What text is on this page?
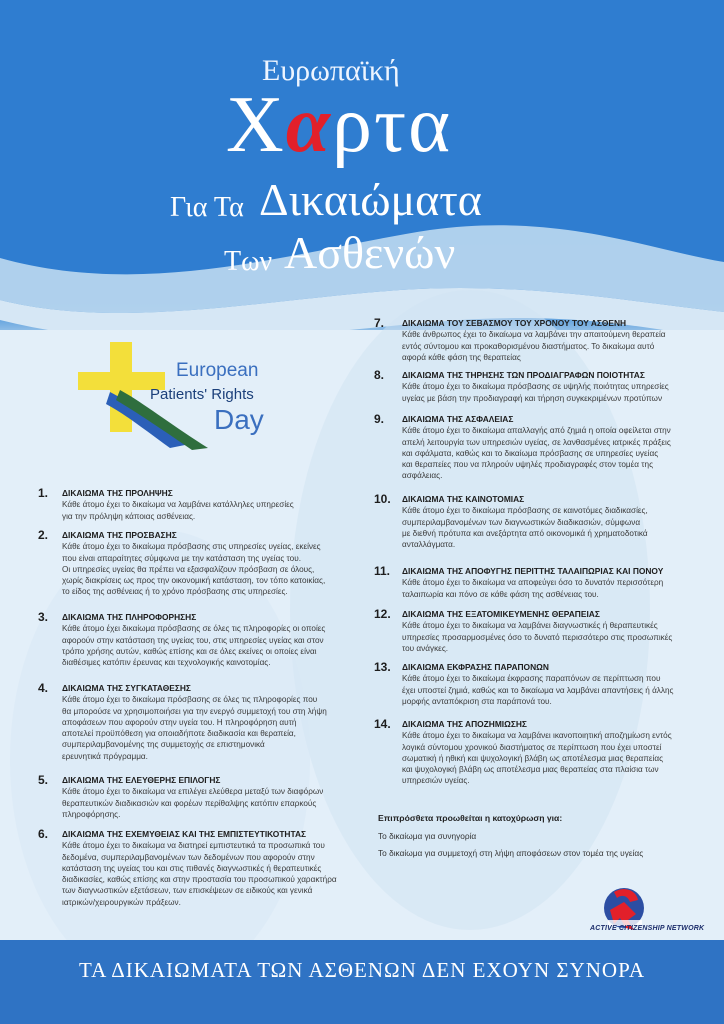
Ευρωπαϊκή
Χαρτα
Για Τα Δικαιώματα
Των Ασθενών
European
Patients' Rights
Day
1. ΔΙΚΑΙΩΜΑ ΤΗΣ ΠΡΟΛΗΨΗΣ
Κάθε άτομο έχει το δικαίωμα να λαμβάνει κατάλληλες υπηρεσίες
για την πρόληψη κάποιας ασθένειας.
2. ΔΙΚΑΙΩΜΑ ΤΗΣ ΠΡΟΣΒΑΣΗΣ
Κάθε άτομο έχει το δικαίωμα πρόσβασης στις υπηρεσίες υγείας, εκείνες
που είναι απαραίτητες σύμφωνα με την κατάσταση της υγείας του.
Οι υπηρεσίες υγείας θα πρέπει να εξασφαλίζουν πρόσβαση σε όλους,
χωρίς διακρίσεις ως προς την οικονομική κατάσταση, τον τόπο κατοικίας,
το είδος της ασθένειας ή το χρόνο πρόσβασης στις υπηρεσίες.
3. ΔΙΚΑΙΩΜΑ ΤΗΣ ΠΛΗΡΟΦΟΡΗΣΗΣ
Κάθε άτομο έχει δικαίωμα πρόσβασης σε όλες τις πληροφορίες οι οποίες
αφορούν στην κατάσταση της υγείας του, στις υπηρεσίες υγείας και στον
τρόπο χρήσης αυτών, καθώς επίσης και σε όλες εκείνες οι οποίες είναι
διαθέσιμες κατόπιν έρευνας και τεχνολογικής καινοτομίας.
4. ΔΙΚΑΙΩΜΑ ΤΗΣ ΣΥΓΚΑΤΑΘΕΣΗΣ
Κάθε άτομο έχει το δικαίωμα πρόσβασης σε όλες τις πληροφορίες που
θα μπορούσε να χρησιμοποιήσει για την ενεργό συμμετοχή του στη λήψη
αποφάσεων που αφορούν στην υγεία του. Η πληροφόρηση αυτή
αποτελεί προϋπόθεση για οποιαδήποτε διαδικασία και θεραπεία,
συμπεριλαμβανομένης της συμμετοχής σε επιστημονικά
ερευνητικά πρόγραμμα.
5. ΔΙΚΑΙΩΜΑ ΤΗΣ ΕΛΕΥΘΕΡΗΣ ΕΠΙΛΟΓΗΣ
Κάθε άτομο έχει το δικαίωμα να επιλέγει ελεύθερα μεταξύ των διαφόρων
θεραπευτικών διαδικασιών και φορέων περίθαλψης κατόπιν επαρκούς
πληροφόρησης.
6. ΔΙΚΑΙΩΜΑ ΤΗΣ ΕΧΕΜΥΘΕΙΑΣ ΚΑΙ ΤΗΣ ΕΜΠΙΣΤΕΥΤΙΚΟΤΗΤΑΣ
Κάθε άτομο έχει το δικαίωμα να διατηρεί εμπιστευτικά τα προσωπικά του
δεδομένα, συμπεριλαμβανομένων των δεδομένων που αφορούν στην
κατάσταση της υγείας του και στις πιθανές διαγνωστικές ή θεραπευτικές
διαδικασίες, καθώς επίσης και στην προστασία του προσωπικού χαρακτήρα
των διαγνωστικών εξετάσεων, των επισκέψεων σε ειδικούς και γενικά
ιατρικών/χειρουργικών πράξεων.
7. ΔΙΚΑΙΩΜΑ ΤΟΥ ΣΕΒΑΣΜΟΥ ΤΟΥ ΧΡΟΝΟΥ ΤΟΥ ΑΣΘΕΝΗ
Κάθε άνθρωπος έχει το δικαίωμα να λαμβάνει την απαιτούμενη θεραπεία
εντός σύντομου και προκαθορισμένου διαστήματος. Το δικαίωμα αυτό
αφορά κάθε φάση της θεραπείας
8. ΔΙΚΑΙΩΜΑ ΤΗΣ ΤΗΡΗΣΗΣ ΤΩΝ ΠΡΟΔΙΑΓΡΑΦΩΝ ΠΟΙΟΤΗΤΑΣ
Κάθε άτομο έχει το δικαίωμα πρόσβασης σε υψηλής ποιότητας υπηρεσίες
υγείας με βάση την προδιαγραφή και τήρηση συγκεκριμένων προτύπων
9. ΔΙΚΑΙΩΜΑ ΤΗΣ ΑΣΦΑΛΕΙΑΣ
Κάθε άτομο έχει το δικαίωμα απαλλαγής από ζημιά η οποία οφείλεται στην
απελή λειτουργία των υπηρεσιών υγείας, σε λανθασμένες ιατρικές πράξεις
και σφάλματα, καθώς και το δικαίωμα πρόσβασης σε υπηρεσίες υγείας
και θεραπείες που να πληρούν υψηλές προδιαγραφές στον τομέα της
ασφάλειας.
10. ΔΙΚΑΙΩΜΑ ΤΗΣ ΚΑΙΝΟΤΟΜΙΑΣ
Κάθε άτομο έχει το δικαίωμα πρόσβασης σε καινοτόμες διαδικασίες,
συμπεριλαμβανομένων των διαγνωστικών διαδικασιών, σύμφωνα
με διεθνή πρότυπα και ανεξάρτητα από οικονομικά ή χρηματοδοτικά
ανταλλάγματα.
11. ΔΙΚΑΙΩΜΑ ΤΗΣ ΑΠΟΦΥΓΗΣ ΠΕΡΙΤΤΗΣ ΤΑΛΑΙΠΩΡΙΑΣ ΚΑΙ ΠΟΝΟΥ
Κάθε άτομο έχει το δικαίωμα να αποφεύγει όσο το δυνατόν περισσότερη
ταλαιπωρία και πόνο σε κάθε φάση της ασθένειας του.
12. ΔΙΚΑΙΩΜΑ ΤΗΣ ΕΞΑΤΟΜΙΚΕΥΜΕΝΗΣ ΘΕΡΑΠΕΙΑΣ
Κάθε άτομο έχει το δικαίωμα να λαμβάνει διαγνωστικές ή θεραπευτικές
υπηρεσίες προσαρμοσμένες όσο το δυνατό περισσότερο στις προσωπικές
του ανάγκες.
13. ΔΙΚΑΙΩΜΑ ΕΚΦΡΑΣΗΣ ΠΑΡΑΠΟΝΩΝ
Κάθε άτομο έχει το δικαίωμα έκφρασης παραπόνων σε περίπτωση που
έχει υποστεί ζημιά, καθώς και το δικαίωμα να λαμβάνει απαντήσεις ή άλλης
μορφής ανταπόκριση στα παράπονά του.
14. ΔΙΚΑΙΩΜΑ ΤΗΣ ΑΠΟΖΗΜΙΩΣΗΣ
Κάθε άτομο έχει το δικαίωμα να λαμβάνει ικανοποιητική αποζημίωση εντός
λογικά σύντομου χρονικού διαστήματος σε περίπτωση που έχει υποστεί
σωματική ή ηθική και ψυχολογική βλάβη ως αποτέλεσμα μιας θεραπείας
και ψυχολογική βλάβη ως αποτέλεσμα μιας θεραπείας στα πλαίσια των
υπηρεσιών υγείας.
Επιπρόσθετα προωθείται η κατοχύρωση για:
Το δικαίωμα για συνηγορία
Το δικαίωμα για συμμετοχή στη λήψη αποφάσεων στον τομέα της υγείας
ACTIVE CITIZENSHIP NETWORK
ΤΑ ΔΙΚΑΙΩΜΑΤΑ ΤΩΝ ΑΣΘΕΝΩΝ ΔΕΝ ΕΧΟΥΝ ΣΥΝΟΡΑ
